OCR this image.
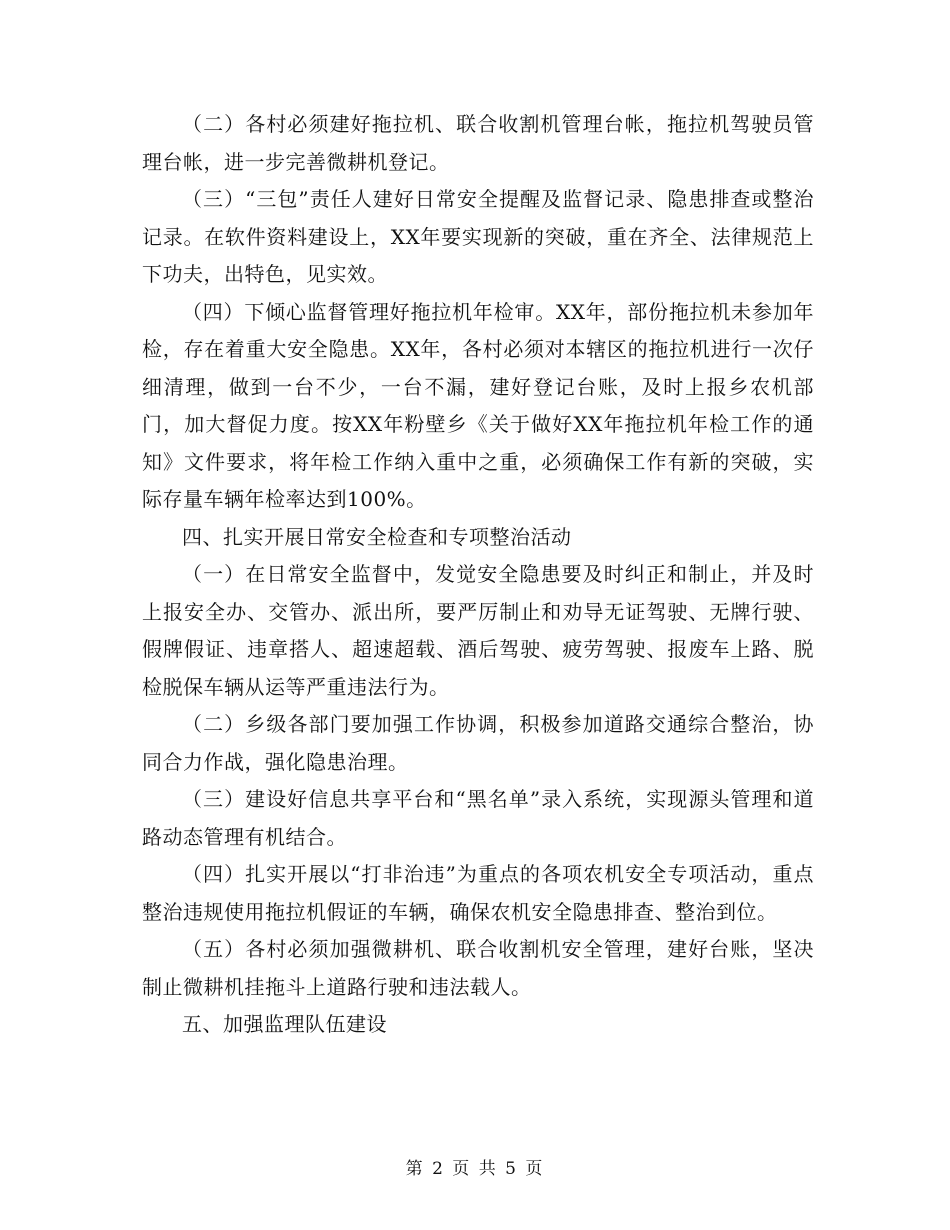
（二）各村必须建好拖拉机、联合收割机管理台帐，拖拉机驾驶员管理台帐，进一步完善微耕机登记。

（三）“三包”责任人建好日常安全提醒及监督记录、隐患排查或整治记录。在软件资料建设上，XX年要实现新的突破，重在齐全、法律规范上下功夫，出特色，见实效。

（四）下倾心监督管理好拖拉机年检审。XX年，部份拖拉机未参加年检，存在着重大安全隐患。XX年，各村必须对本辖区的拖拉机进行一次仔细清理，做到一台不少，一台不漏，建好登记台账，及时上报乡农机部门，加大督促力度。按XX年粉壁乡《关于做好XX年拖拉机年检工作的通知》文件要求，将年检工作纳入重中之重，必须确保工作有新的突破，实际存量车辆年检率达到100%。

四、扎实开展日常安全检查和专项整治活动

（一）在日常安全监督中，发觉安全隐患要及时纠正和制止，并及时上报安全办、交管办、派出所，要严厉制止和劝导无证驾驶、无牌行驶、假牌假证、违章搭人、超速超载、酒后驾驶、疲劳驾驶、报废车上路、脱检脱保车辆从运等严重违法行为。

（二）乡级各部门要加强工作协调，积极参加道路交通综合整治，协同合力作战，强化隐患治理。

（三）建设好信息共享平台和“黑名单”录入系统，实现源头管理和道路动态管理有机结合。

（四）扎实开展以“打非治违”为重点的各项农机安全专项活动，重点整治违规使用拖拉机假证的车辆，确保农机安全隐患排查、整治到位。

（五）各村必须加强微耕机、联合收割机安全管理，建好台账，坚决制止微耕机挂拖斗上道路行驶和违法载人。

五、加强监理队伍建设

第 2 页 共 5 页
